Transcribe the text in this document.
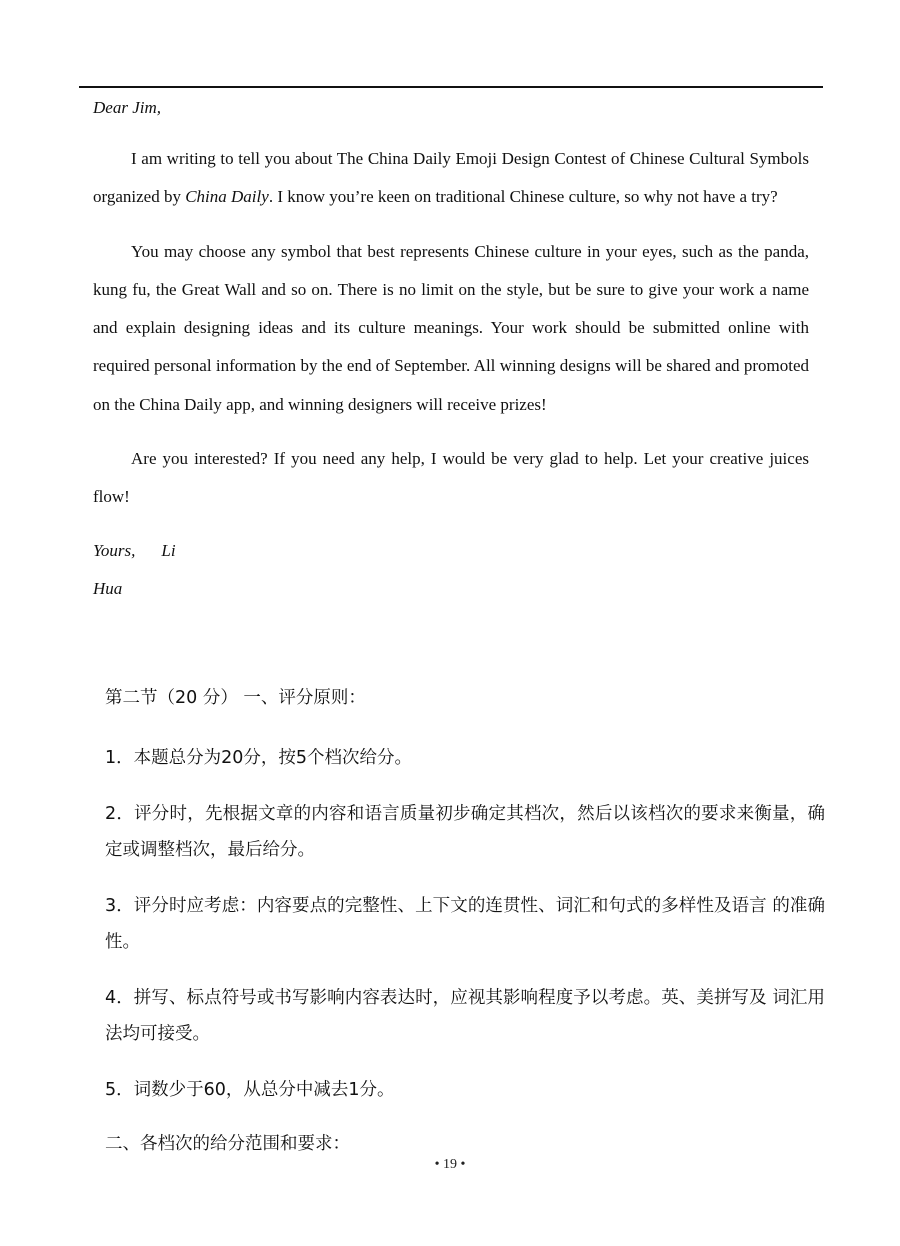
Dear Jim,

I am writing to tell you about The China Daily Emoji Design Contest of Chinese Cultural Symbols organized by China Daily. I know you’re keen on traditional Chinese culture, so why not have a try?

You may choose any symbol that best represents Chinese culture in your eyes, such as the panda, kung fu, the Great Wall and so on. There is no limit on the style, but be sure to give your work a name and explain designing ideas and its culture meanings. Your work should be submitted online with required personal information by the end of September. All winning designs will be shared and promoted on the China Daily app, and winning designers will receive prizes!

Are you interested? If you need any help, I would be very glad to help. Let your creative juices flow!

Yours, Li

Hua

第二节（20 分） 一、评分原则：

1．本题总分为20分，按5个档次给分。

2．评分时，先根据文章的内容和语言质量初步确定其档次，然后以该档次的要求来衡量，确定或调整档次，最后给分。

3．评分时应考虑：内容要点的完整性、上下文的连贯性、词汇和句式的多样性及语言 的准确性。

4．拼写、标点符号或书写影响内容表达时，应视其影响程度予以考虑。英、美拼写及 词汇用法均可接受。

5．词数少于60，从总分中减去1分。

二、各档次的给分范围和要求：

• 19 •
